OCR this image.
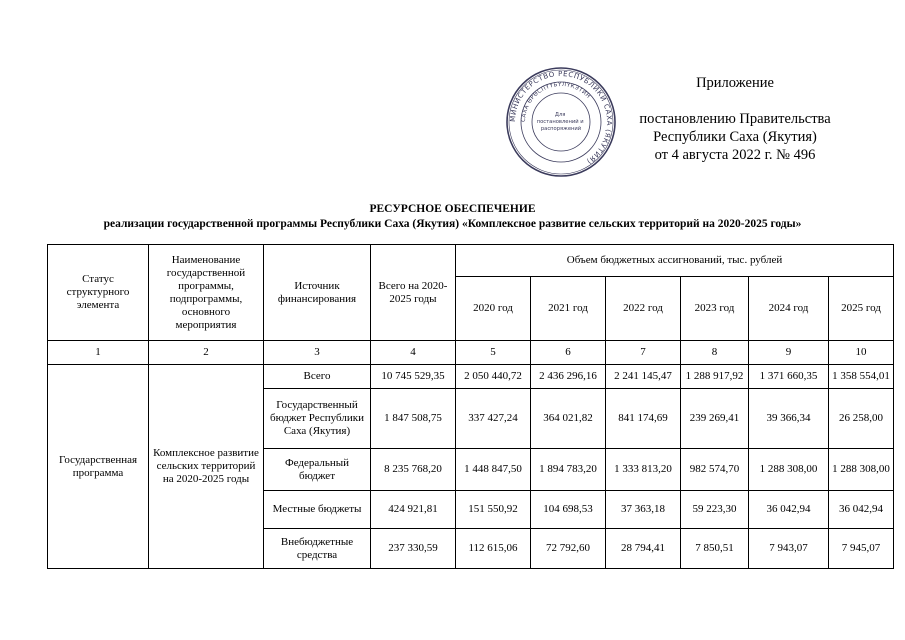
МИНИСТЕРСТВО РЕСПУБЛИКИ САХА (ЯКУТИЯ)
САХА ӨРӨСПҮҮБҮЛҮКЭТИН
Для постановлений и распоряжений
Приложение
постановлению Правительства
Республики Саха (Якутия)
от 4 августа 2022 г. № 496
РЕСУРСНОЕ ОБЕСПЕЧЕНИЕ
реализации государственной программы Республики Саха (Якутия) «Комплексное развитие сельских территорий на 2020-2025 годы»
Статус структурного элемента	Наименование государственной программы, подпрограммы, основного мероприятия	Источник финансирования	Всего на 2020-2025 годы	Объем бюджетных ассигнований, тыс. рублей					
				2020 год	2021 год	2022 год	2023 год	2024 год	2025 год
1	2	3	4	5	6	7	8	9	10
Государственная программа	Комплексное развитие сельских территорий на 2020-2025 годы	Всего	10 745 529,35	2 050 440,72	2 436 296,16	2 241 145,47	1 288 917,92	1 371 660,35	1 358 554,01
		Государственный бюджет Республики Саха (Якутия)	1 847 508,75	337 427,24	364 021,82	841 174,69	239 269,41	39 366,34	26 258,00
		Федеральный бюджет	8 235 768,20	1 448 847,50	1 894 783,20	1 333 813,20	982 574,70	1 288 308,00	1 288 308,00
		Местные бюджеты	424 921,81	151 550,92	104 698,53	37 363,18	59 223,30	36 042,94	36 042,94
		Внебюджетные средства	237 330,59	112 615,06	72 792,60	28 794,41	7 850,51	7 943,07	7 945,07
